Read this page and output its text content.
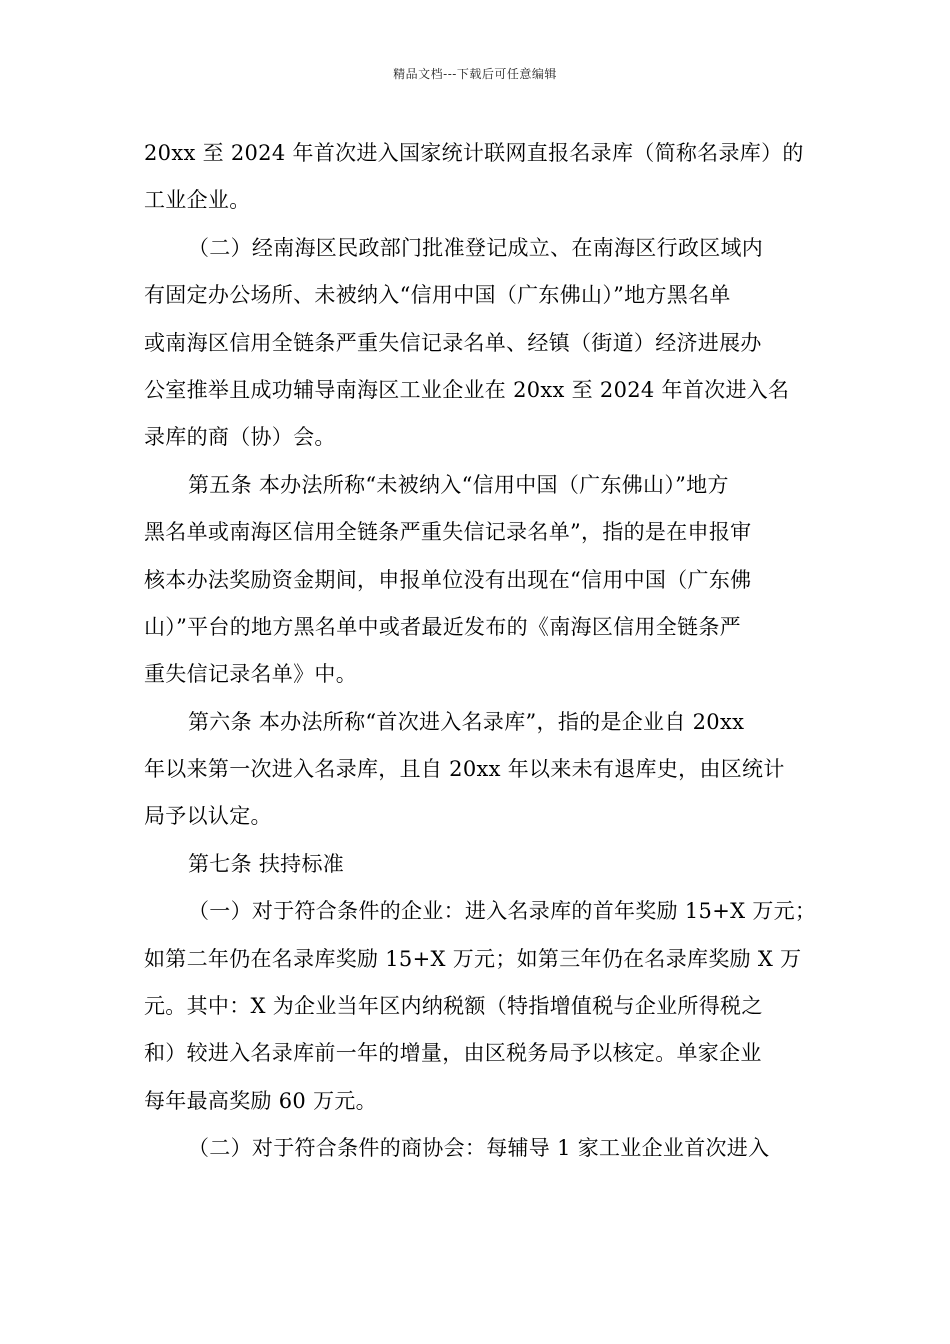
精品文档---下载后可任意编辑
20xx 至 2024 年首次进入国家统计联网直报名录库（简称名录库）的
工业企业。
（二）经南海区民政部门批准登记成立、在南海区行政区域内
有固定办公场所、未被纳入“信用中国（广东佛山）”地方黑名单
或南海区信用全链条严重失信记录名单、经镇（街道）经济进展办
公室推举且成功辅导南海区工业企业在 20xx 至 2024 年首次进入名
录库的商（协）会。
第五条 本办法所称“未被纳入“信用中国（广东佛山）”地方
黑名单或南海区信用全链条严重失信记录名单”，指的是在申报审
核本办法奖励资金期间，申报单位没有出现在“信用中国（广东佛
山）”平台的地方黑名单中或者最近发布的《南海区信用全链条严
重失信记录名单》中。
第六条 本办法所称“首次进入名录库”，指的是企业自 20xx
年以来第一次进入名录库，且自 20xx 年以来未有退库史，由区统计
局予以认定。
第七条 扶持标准
（一）对于符合条件的企业：进入名录库的首年奖励 15+X 万元；
如第二年仍在名录库奖励 15+X 万元；如第三年仍在名录库奖励 X 万
元。其中：X 为企业当年区内纳税额（特指增值税与企业所得税之
和）较进入名录库前一年的增量，由区税务局予以核定。单家企业
每年最高奖励 60 万元。
（二）对于符合条件的商协会：每辅导 1 家工业企业首次进入
